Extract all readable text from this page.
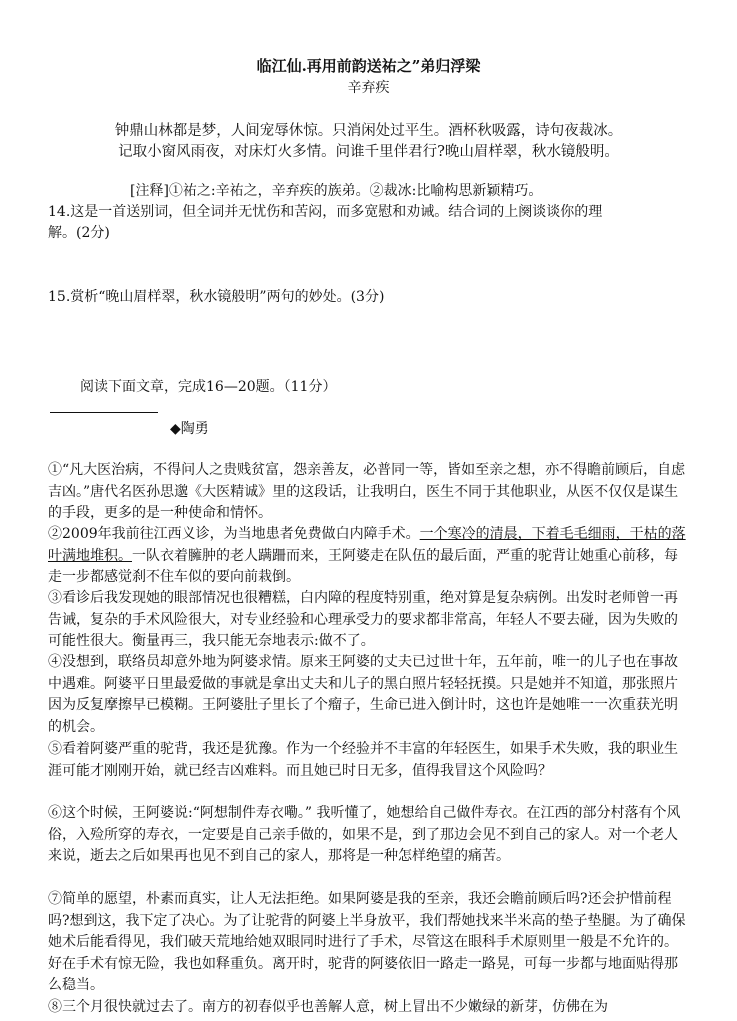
临江仙.再用前韵送祐之”弟归浮梁
辛弃疾
钟鼎山林都是梦，人间宠辱休惊。只消闲处过平生。酒杯秋吸露，诗句夜裁冰。
记取小窗风雨夜，对床灯火多情。问谁千里伴君行?晚山眉样翠，秋水镜般明。
[注释]①祐之:辛祐之，辛弃疾的族弟。②裁冰:比喻构思新颖精巧。
14.这是一首送别词，但全词并无忧伤和苦闷，而多宽慰和劝诫。结合词的上阕谈谈你的理
解。(2分)
15.赏析“晚山眉样翠，秋水镜般明”两句的妙处。(3分)
阅读下面文章，完成16—20题。（11分）
◆陶勇
①“凡大医治病，不得问人之贵贱贫富，怨亲善友，必普同一等，皆如至亲之想，亦不得瞻前顾后，自虑吉凶。”唐代名医孙思邈《大医精诚》里的这段话，让我明白，医生不同于其他职业，从医不仅仅是谋生的手段，更多的是一种使命和情怀。
②2009年我前往江西义诊，为当地患者免费做白内障手术。一个寒冷的清晨，下着毛毛细雨，干枯的落叶满地堆积。一队衣着臃肿的老人蹒跚而来，王阿婆走在队伍的最后面，严重的驼背让她重心前移，每走一步都感觉刹不住车似的要向前栽倒。
③看诊后我发现她的眼部情况也很糟糕，白内障的程度特别重，绝对算是复杂病例。出发时老师曾一再告诫，复杂的手术风险很大，对专业经验和心理承受力的要求都非常高，年轻人不要去碰，因为失败的可能性很大。衡量再三，我只能无奈地表示:做不了。
④没想到，联络员却意外地为阿婆求情。原来王阿婆的丈夫已过世十年，五年前，唯一的儿子也在事故中遇难。阿婆平日里最爱做的事就是拿出丈夫和儿子的黑白照片轻轻抚摸。只是她并不知道，那张照片因为反复摩擦早已模糊。王阿婆肚子里长了个瘤子，生命已进入倒计时，这也许是她唯一一次重获光明的机会。
⑤看着阿婆严重的驼背，我还是犹豫。作为一个经验并不丰富的年轻医生，如果手术失败，我的职业生涯可能才刚刚开始，就已经吉凶难料。而且她已时日无多，值得我冒这个风险吗？
⑥这个时候，王阿婆说:“阿想制件寿衣嘞。” 我听懂了，她想给自己做件寿衣。在江西的部分村落有个风俗，入殓所穿的寿衣，一定要是自己亲手做的，如果不是，到了那边会见不到自己的家人。对一个老人来说，逝去之后如果再也见不到自己的家人，那将是一种怎样绝望的痛苦。
⑦简单的愿望，朴素而真实，让人无法拒绝。如果阿婆是我的至亲，我还会瞻前顾后吗?还会护惜前程吗?想到这，我下定了决心。为了让驼背的阿婆上半身放平，我们帮她找来半米高的垫子垫腿。为了确保她术后能看得见，我们破天荒地给她双眼同时进行了手术，尽管这在眼科手术原则里一般是不允许的。好在手术有惊无险，我也如释重负。离开时，驼背的阿婆依旧一路走一路晃，可每一步都与地面贴得那么稳当。
⑧三个月很快就过去了。南方的初春似乎也善解人意，树上冒出不少嫩绿的新芽，仿佛在为
